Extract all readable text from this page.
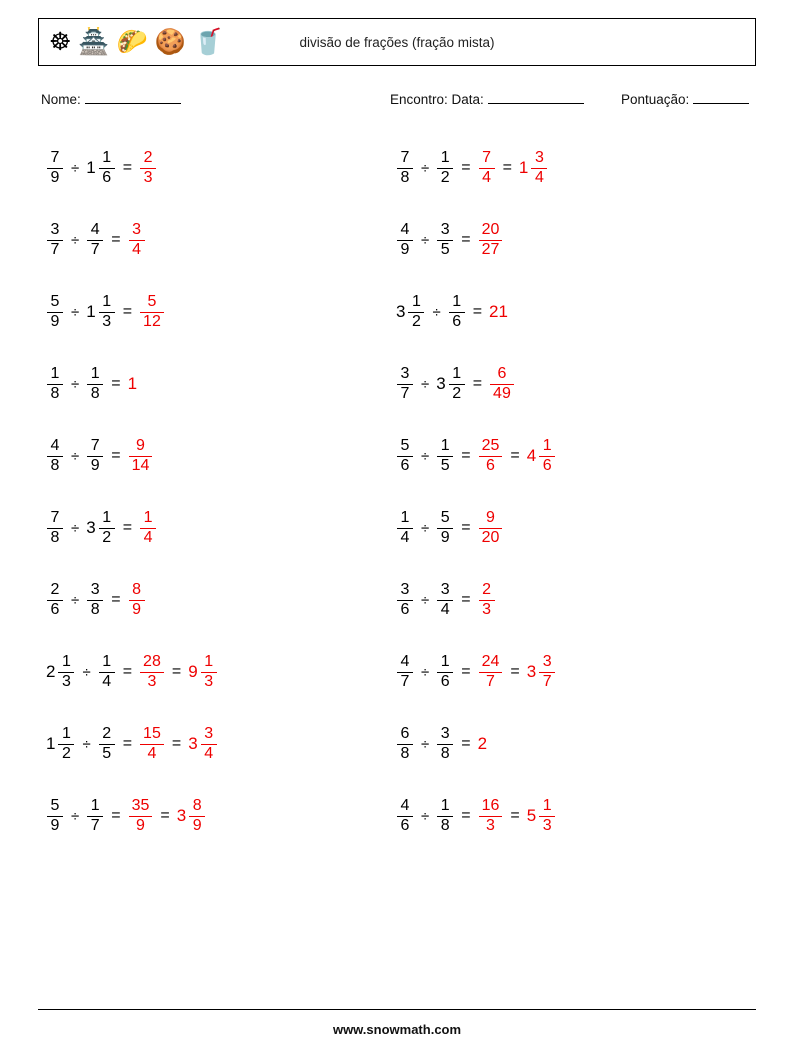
☸ 🏯 🌮 🍪 🥤	divisão de frações (fração mista)
Nome:	Encontro: Data:	Pontuação:
$\frac{7}{9} \div 1 \frac{1}{6} = \frac{2}{3}$
$\frac{3}{7} \div \frac{4}{7} = \frac{3}{4}$
$\frac{5}{9} \div 1 \frac{1}{3} = \frac{5}{12}$
$\frac{1}{8} \div \frac{1}{8} = 1$
$\frac{4}{8} \div \frac{7}{9} = \frac{9}{14}$
$\frac{7}{8} \div 3 \frac{1}{2} = \frac{1}{4}$
$\frac{2}{6} \div \frac{3}{8} = \frac{8}{9}$
$2 \frac{1}{3} \div \frac{1}{4} = \frac{28}{3} = 9 \frac{1}{3}$
$1 \frac{1}{2} \div \frac{2}{5} = \frac{15}{4} = 3 \frac{3}{4}$
$\frac{5}{9} \div \frac{1}{7} = \frac{35}{9} = 3 \frac{8}{9}$
$\frac{7}{8} \div \frac{1}{2} = \frac{7}{4} = 1 \frac{3}{4}$
$\frac{4}{9} \div \frac{3}{5} = \frac{20}{27}$
$3 \frac{1}{2} \div \frac{1}{6} = 21$
$\frac{3}{7} \div 3 \frac{1}{2} = \frac{6}{49}$
$\frac{5}{6} \div \frac{1}{5} = \frac{25}{6} = 4 \frac{1}{6}$
$\frac{1}{4} \div \frac{5}{9} = \frac{9}{20}$
$\frac{3}{6} \div \frac{3}{4} = \frac{2}{3}$
$\frac{4}{7} \div \frac{1}{6} = \frac{24}{7} = 3 \frac{3}{7}$
$\frac{6}{8} \div \frac{3}{8} = 2$
$\frac{4}{6} \div \frac{1}{8} = \frac{16}{3} = 5 \frac{1}{3}$
www.snowmath.com
